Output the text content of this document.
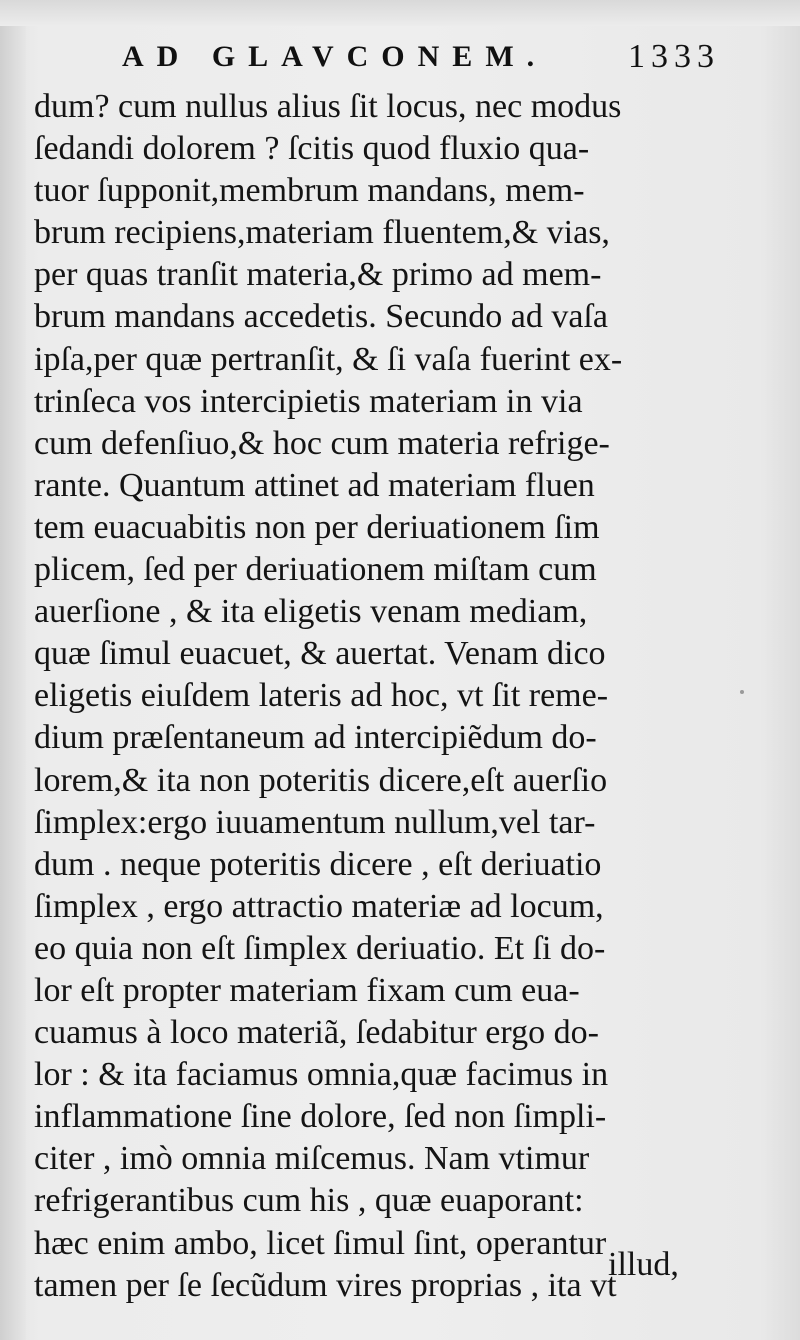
AD GLAVCONEM. 1333
dum? cum nullus alius ſit locus, nec modus
ſedandi dolorem ? ſcitis quod fluxio qua-
tuor ſupponit,membrum mandans, mem-
brum recipiens,materiam fluentem,& vias,
per quas tranſit materia,& primo ad mem-
brum mandans accedetis. Secundo ad vaſa
ipſa,per quæ pertranſit, & ſi vaſa fuerint ex-
trinſeca vos intercipietis materiam in via
cum defenſiuo,& hoc cum materia refrige-
rante. Quantum attinet ad materiam fluen
tem euacuabitis non per deriuationem ſim
plicem, ſed per deriuationem miſtam cum
auerſione , & ita eligetis venam mediam,
quæ ſimul euacuet, & auertat. Venam dico
eligetis eiuſdem lateris ad hoc, vt ſit reme-
dium præſentaneum ad intercipiẽdum do-
lorem,& ita non poteritis dicere,eſt auerſio
ſimplex:ergo iuuamentum nullum,vel tar-
dum . neque poteritis dicere , eſt deriuatio
ſimplex , ergo attractio materiæ ad locum,
eo quia non eſt ſimplex deriuatio. Et ſi do-
lor eſt propter materiam fixam cum eua-
cuamus à loco materiã, ſedabitur ergo do-
lor : & ita faciamus omnia,quæ facimus in
inflammatione ſine dolore, ſed non ſimpli-
citer , imò omnia miſcemus. Nam vtimur
refrigerantibus cum his , quæ euaporant:
hæc enim ambo, licet ſimul ſint, operantur
tamen per ſe ſecũdum vires proprias , ita vt
illud,
